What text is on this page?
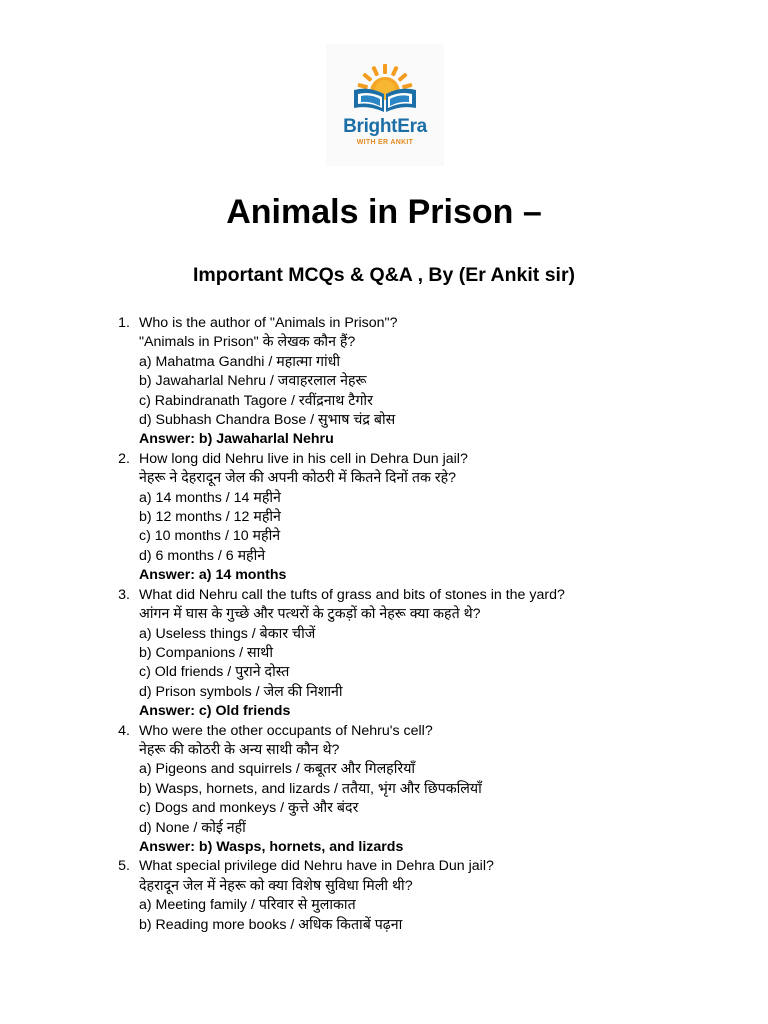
BrightEra
WITH ER ANKIT
Animals in Prison –
Important MCQs & Q&A , By (Er Ankit sir)
1. Who is the author of "Animals in Prison"?
"Animals in Prison" के लेखक कौन हैं?
a) Mahatma Gandhi / महात्मा गांधी
b) Jawaharlal Nehru / जवाहरलाल नेहरू
c) Rabindranath Tagore / रवींद्रनाथ टैगोर
d) Subhash Chandra Bose / सुभाष चंद्र बोस
Answer: b) Jawaharlal Nehru
2. How long did Nehru live in his cell in Dehra Dun jail?
नेहरू ने देहरादून जेल की अपनी कोठरी में कितने दिनों तक रहे?
a) 14 months / 14 महीने
b) 12 months / 12 महीने
c) 10 months / 10 महीने
d) 6 months / 6 महीने
Answer: a) 14 months
3. What did Nehru call the tufts of grass and bits of stones in the yard?
आंगन में घास के गुच्छे और पत्थरों के टुकड़ों को नेहरू क्या कहते थे?
a) Useless things / बेकार चीजें
b) Companions / साथी
c) Old friends / पुराने दोस्त
d) Prison symbols / जेल की निशानी
Answer: c) Old friends
4. Who were the other occupants of Nehru's cell?
नेहरू की कोठरी के अन्य साथी कौन थे?
a) Pigeons and squirrels / कबूतर और गिलहरियाँ
b) Wasps, hornets, and lizards / ततैया, भृंग और छिपकलियाँ
c) Dogs and monkeys / कुत्ते और बंदर
d) None / कोई नहीं
Answer: b) Wasps, hornets, and lizards
5. What special privilege did Nehru have in Dehra Dun jail?
देहरादून जेल में नेहरू को क्या विशेष सुविधा मिली थी?
a) Meeting family / परिवार से मुलाकात
b) Reading more books / अधिक किताबें पढ़ना
